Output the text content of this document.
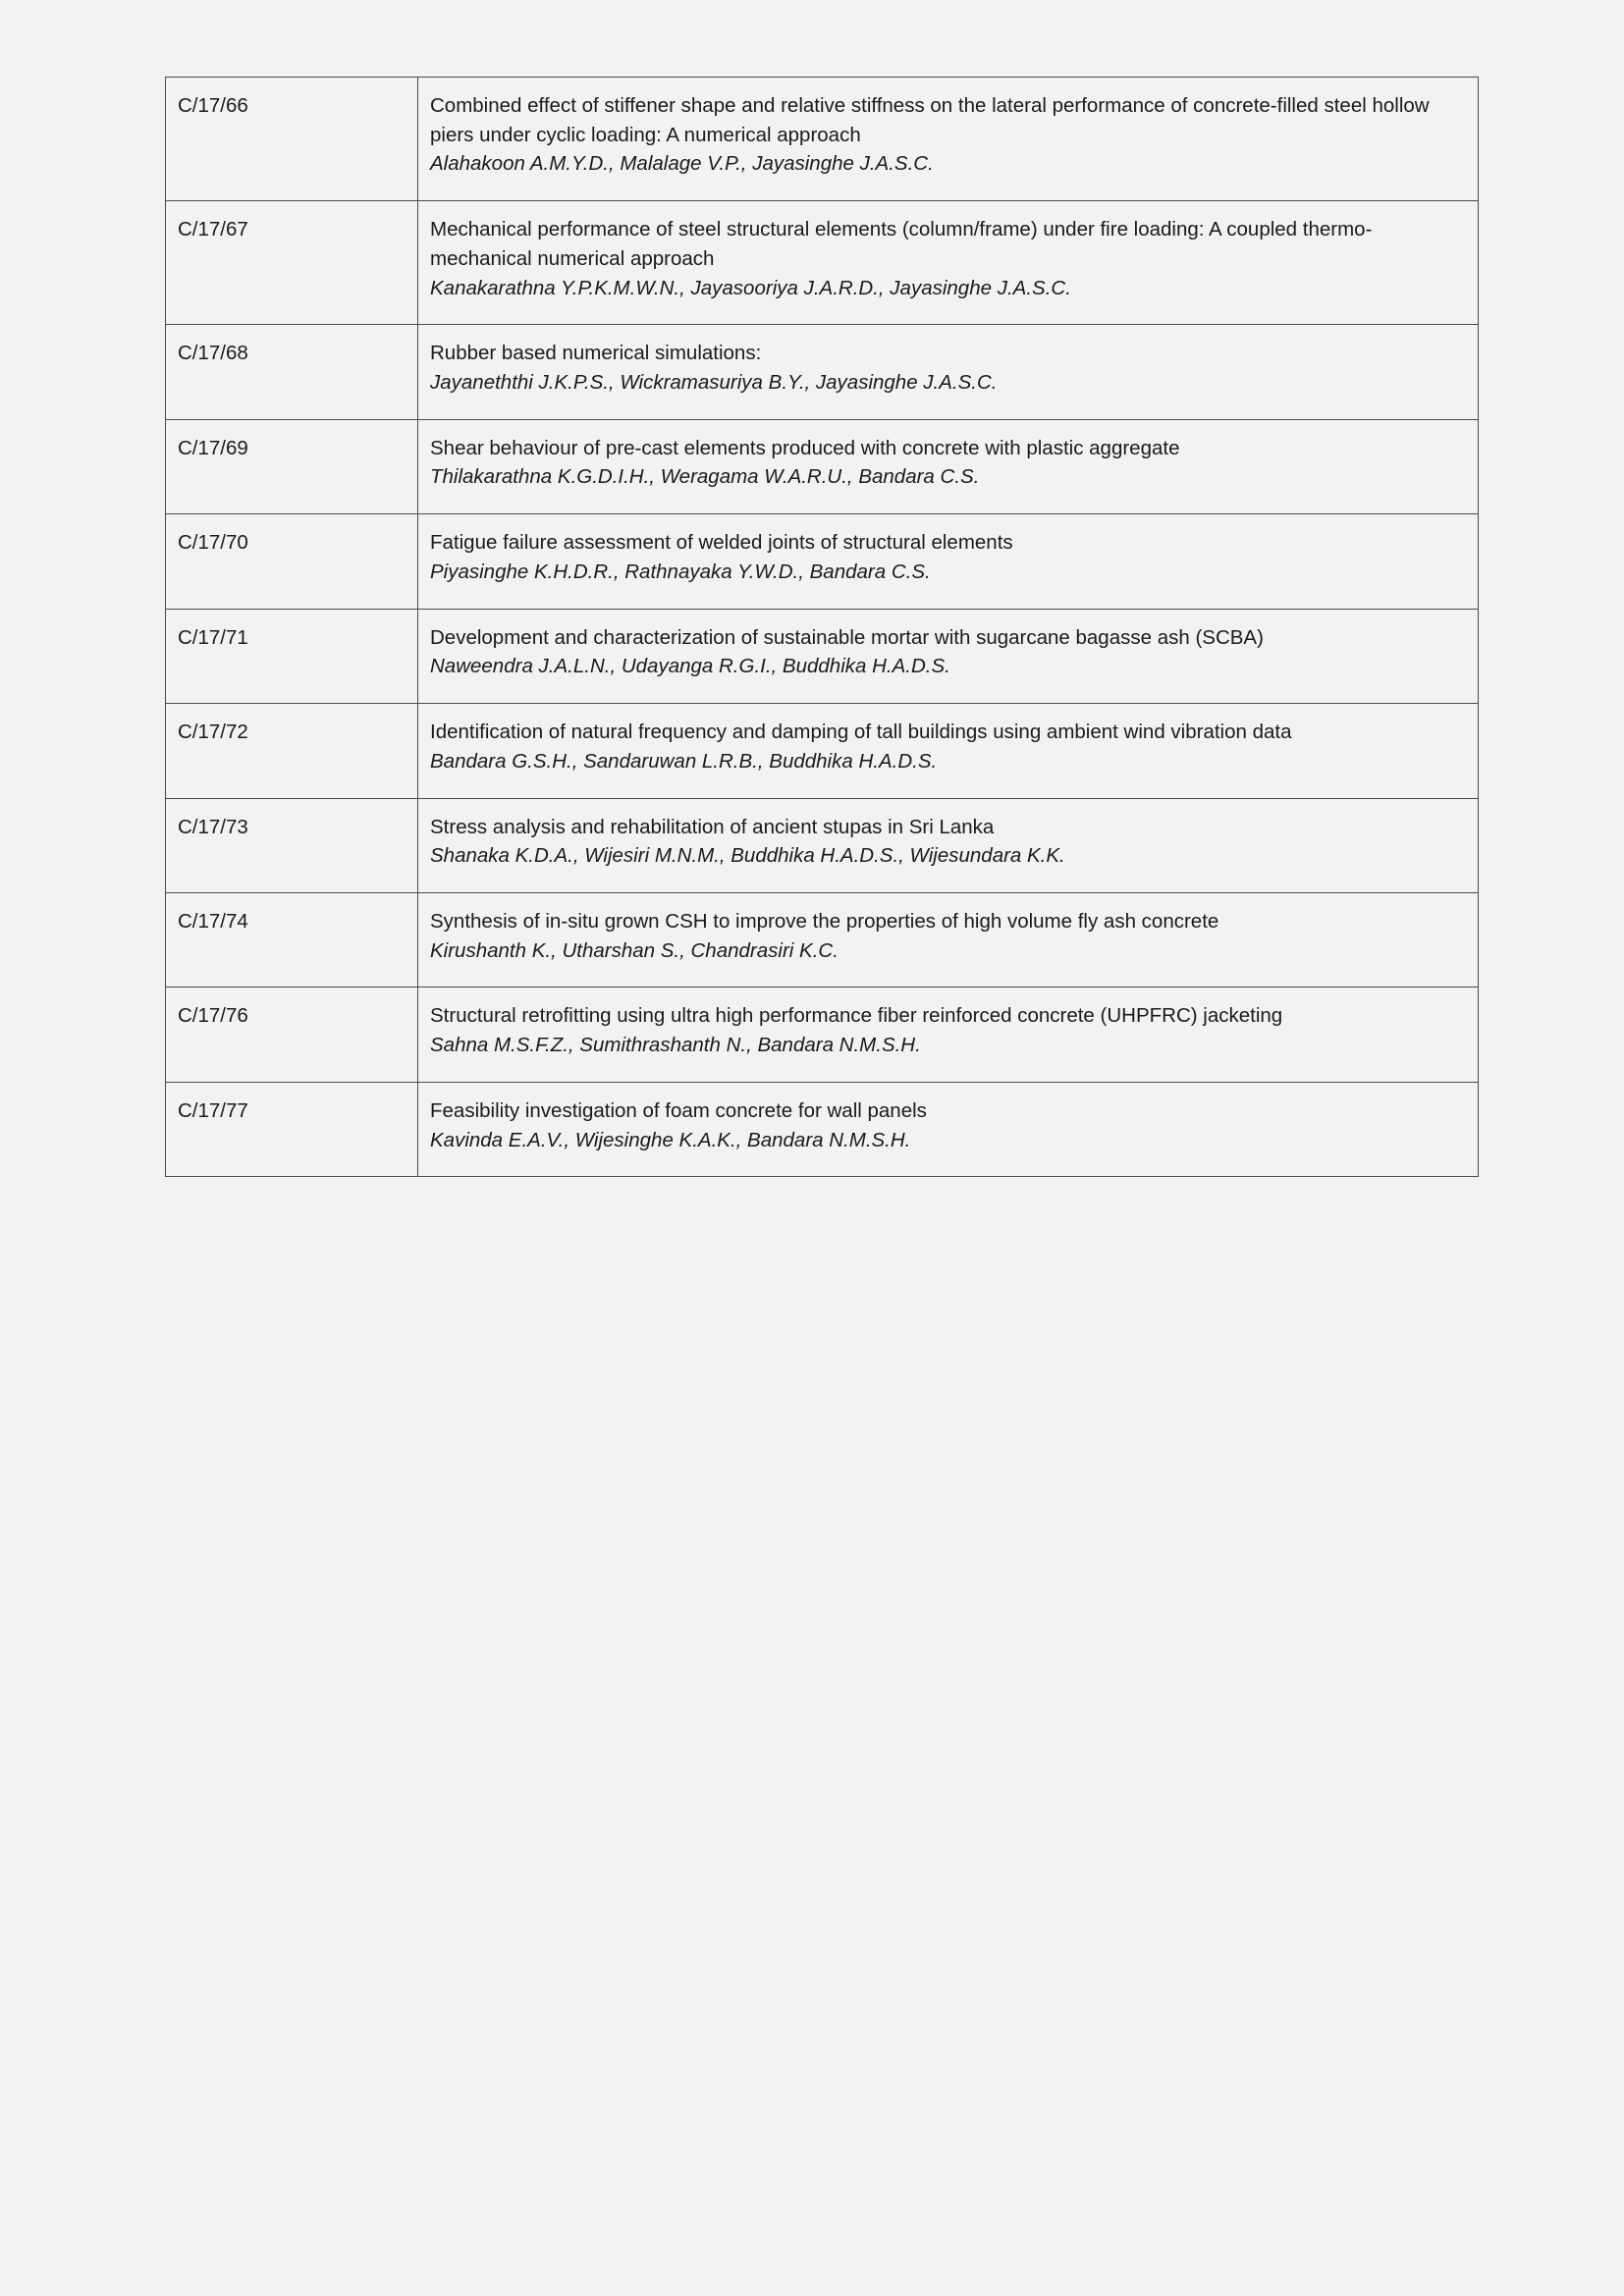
C/17/66	Combined effect of stiffener shape and relative stiffness on the lateral performance of concrete-filled steel hollow piers under cyclic loading: A numerical approach
Alahakoon A.M.Y.D., Malalage V.P., Jayasinghe J.A.S.C.

C/17/67	Mechanical performance of steel structural elements (column/frame) under fire loading: A coupled thermo-mechanical numerical approach
Kanakarathna Y.P.K.M.W.N., Jayasooriya J.A.R.D., Jayasinghe J.A.S.C.

C/17/68	Rubber based numerical simulations:
Jayaneththi J.K.P.S., Wickramasuriya B.Y., Jayasinghe J.A.S.C.

C/17/69	Shear behaviour of pre-cast elements produced with concrete with plastic aggregate
Thilakarathna K.G.D.I.H., Weragama W.A.R.U., Bandara C.S.

C/17/70	Fatigue failure assessment of welded joints of structural elements
Piyasinghe K.H.D.R., Rathnayaka Y.W.D., Bandara C.S.

C/17/71	Development and characterization of sustainable mortar with sugarcane bagasse ash (SCBA)
Naweendra J.A.L.N., Udayanga R.G.I., Buddhika H.A.D.S.

C/17/72	Identification of natural frequency and damping of tall buildings using ambient wind vibration data
Bandara G.S.H., Sandaruwan L.R.B., Buddhika H.A.D.S.

C/17/73	Stress analysis and rehabilitation of ancient stupas in Sri Lanka
Shanaka K.D.A., Wijesiri M.N.M., Buddhika H.A.D.S., Wijesundara K.K.

C/17/74	Synthesis of in-situ grown CSH to improve the properties of high volume fly ash concrete
Kirushanth K., Utharshan S., Chandrasiri K.C.

C/17/76	Structural retrofitting using ultra high performance fiber reinforced concrete (UHPFRC) jacketing
Sahna M.S.F.Z., Sumithrashanth N., Bandara N.M.S.H.

C/17/77	Feasibility investigation of foam concrete for wall panels
Kavinda E.A.V., Wijesinghe K.A.K., Bandara N.M.S.H.
